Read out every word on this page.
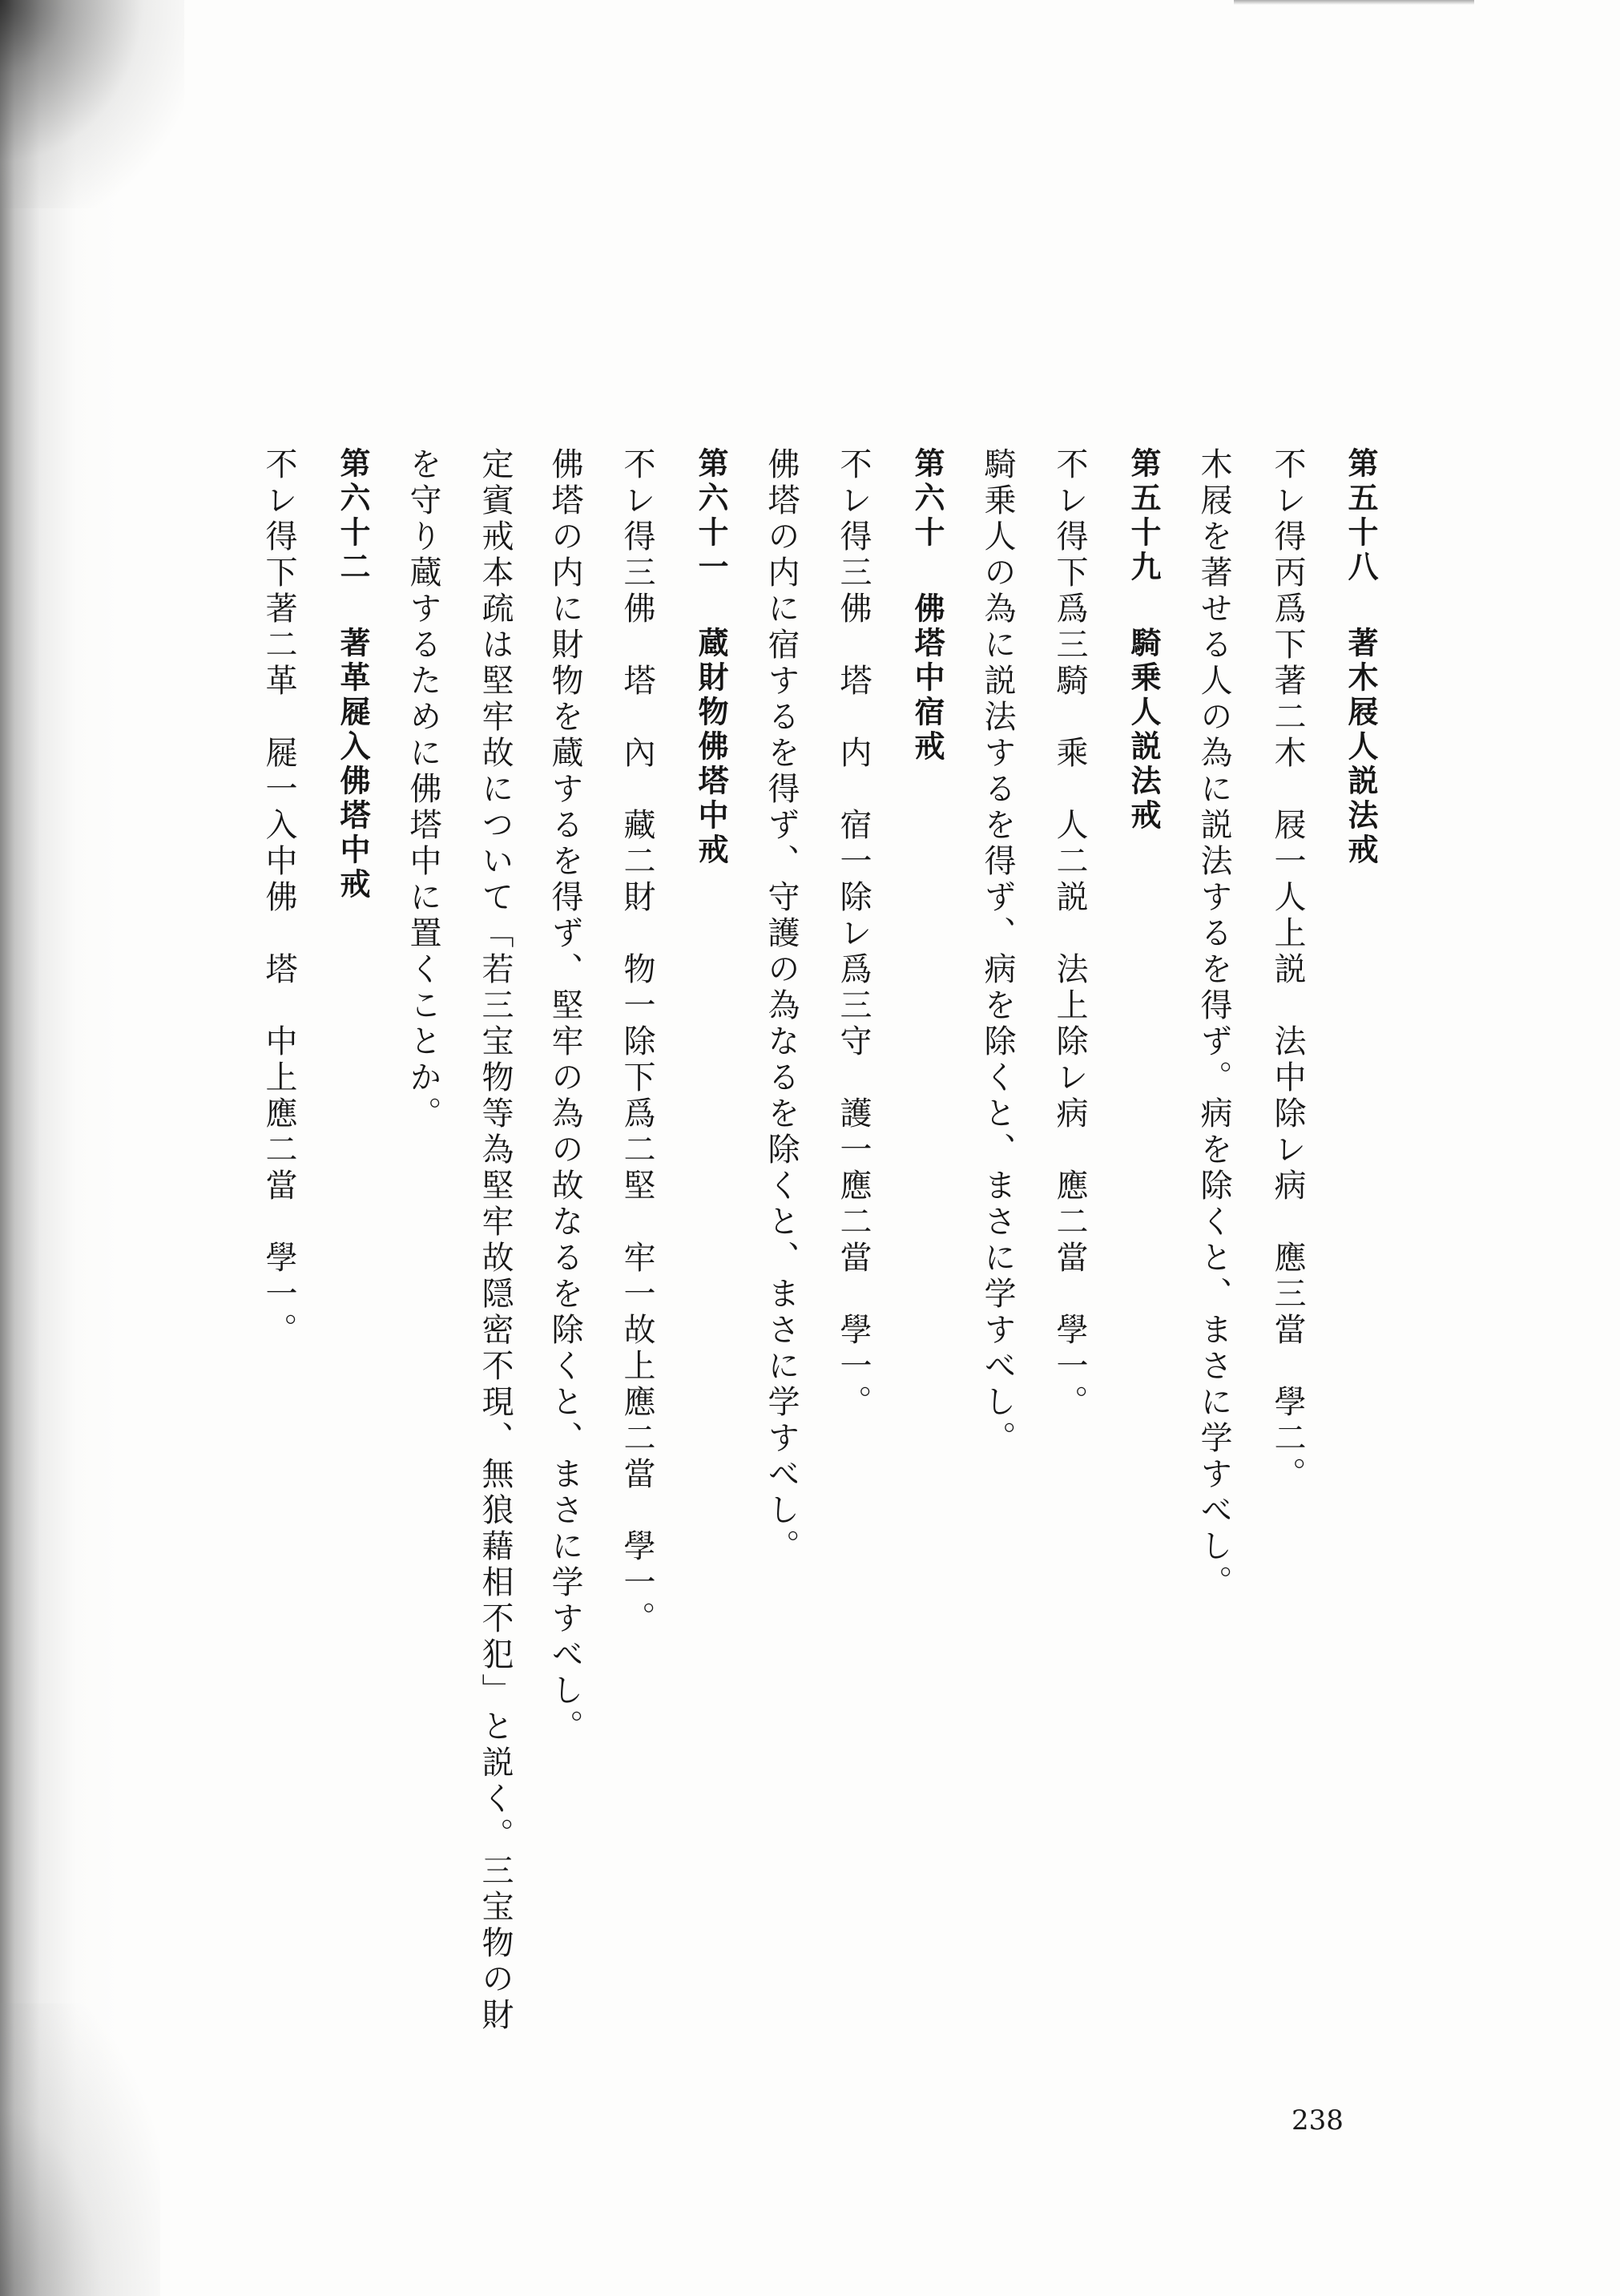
第五十八著木屐人説法戒
不レ得丙爲下著二木　屐一人上説　法中除レ病　應三當　學二。
木屐を著せる人の為に説法するを得ず。病を除くと、まさに学すべし。
第五十九騎乗人説法戒
不レ得下爲三騎　乘　人二説　法上除レ病　應二當　學一。
騎乗人の為に説法するを得ず、病を除くと、まさに学すべし。
第六十佛塔中宿戒
不レ得三佛　塔　内　宿一除レ爲三守　護一應二當　學一。
佛塔の内に宿するを得ず、守護の為なるを除くと、まさに学すべし。
第六十一蔵財物佛塔中戒
不レ得三佛　塔　內　藏二財　物一除下爲二堅　牢一故上應二當　學一。
佛塔の内に財物を蔵するを得ず、堅牢の為の故なるを除くと、まさに学すべし。
定賓戒本疏は堅牢故について「若三宝物等為堅牢故隠密不現、無狼藉相不犯」と説く。三宝物の財
を守り蔵するために佛塔中に置くことか。
第六十二著革屣入佛塔中戒
不レ得下著二革　屣一入中佛　塔　中上應二當　學一。
238
